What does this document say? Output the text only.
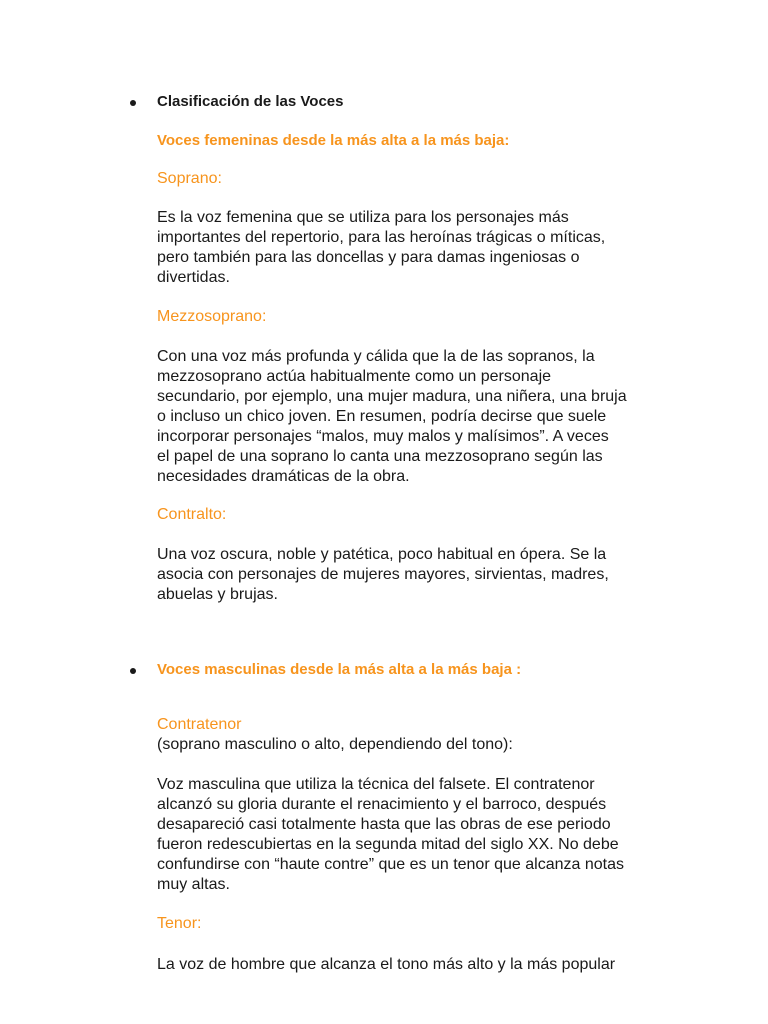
Clasificación de las Voces

Voces femeninas desde la más alta a la más baja:

Soprano:

Es la voz femenina que se utiliza para los personajes más
importantes del repertorio, para las heroínas trágicas o míticas,
pero también para las doncellas y para damas ingeniosas o
divertidas.

Mezzosoprano:

Con una voz más profunda y cálida que la de las sopranos, la
mezzosoprano actúa habitualmente como un personaje
secundario, por ejemplo, una mujer madura, una niñera, una bruja
o incluso un chico joven. En resumen, podría decirse que suele
incorporar personajes “malos, muy malos y malísimos”. A veces
el papel de una soprano lo canta una mezzosoprano según las
necesidades dramáticas de la obra.

Contralto:

Una voz oscura, noble y patética, poco habitual en ópera. Se la
asocia con personajes de mujeres mayores, sirvientas, madres,
abuelas y brujas.

Voces masculinas desde la más alta a la más baja :

Contratenor

(soprano masculino o alto, dependiendo del tono):

Voz masculina que utiliza la técnica del falsete. El contratenor
alcanzó su gloria durante el renacimiento y el barroco, después
desapareció casi totalmente hasta que las obras de ese periodo
fueron redescubiertas en la segunda mitad del siglo XX. No debe
confundirse con “haute contre” que es un tenor que alcanza notas
muy altas.

Tenor:

La voz de hombre que alcanza el tono más alto y la más popular
